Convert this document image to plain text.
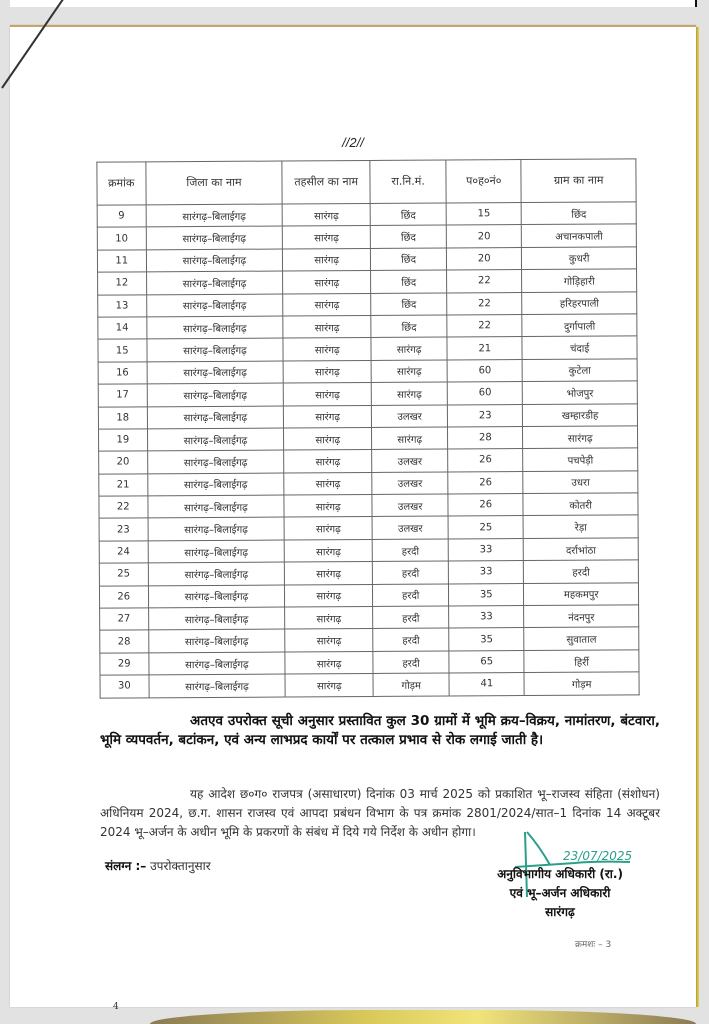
//2//
क्रमांक	जिला का नाम	तहसील का नाम	रा.नि.मं.	प०ह०नं०	ग्राम का नाम
9	सारंगढ़–बिलाईगढ़	सारंगढ़	छिंद	15	छिंद
10	सारंगढ़–बिलाईगढ़	सारंगढ़	छिंद	20	अचानकपाली
11	सारंगढ़–बिलाईगढ़	सारंगढ़	छिंद	20	कुधरी
12	सारंगढ़–बिलाईगढ़	सारंगढ़	छिंद	22	गोड़िहारी
13	सारंगढ़–बिलाईगढ़	सारंगढ़	छिंद	22	हरिहरपाली
14	सारंगढ़–बिलाईगढ़	सारंगढ़	छिंद	22	दुर्गापाली
15	सारंगढ़–बिलाईगढ़	सारंगढ़	सारंगढ़	21	चंदाई
16	सारंगढ़–बिलाईगढ़	सारंगढ़	सारंगढ़	60	कुटेला
17	सारंगढ़–बिलाईगढ़	सारंगढ़	सारंगढ़	60	भोजपुर
18	सारंगढ़–बिलाईगढ़	सारंगढ़	उलखर	23	खम्हारडीह
19	सारंगढ़–बिलाईगढ़	सारंगढ़	सारंगढ़	28	सारंगढ़
20	सारंगढ़–बिलाईगढ़	सारंगढ़	उलखर	26	पचपेड़ी
21	सारंगढ़–बिलाईगढ़	सारंगढ़	उलखर	26	उधरा
22	सारंगढ़–बिलाईगढ़	सारंगढ़	उलखर	26	कोतरी
23	सारंगढ़–बिलाईगढ़	सारंगढ़	उलखर	25	रेड़ा
24	सारंगढ़–बिलाईगढ़	सारंगढ़	हरदी	33	दर्राभांठा
25	सारंगढ़–बिलाईगढ़	सारंगढ़	हरदी	33	हरदी
26	सारंगढ़–बिलाईगढ़	सारंगढ़	हरदी	35	महकमपुर
27	सारंगढ़–बिलाईगढ़	सारंगढ़	हरदी	33	नंदनपुर
28	सारंगढ़–बिलाईगढ़	सारंगढ़	हरदी	35	सुवाताल
29	सारंगढ़–बिलाईगढ़	सारंगढ़	हरदी	65	हिर्री
30	सारंगढ़–बिलाईगढ़	सारंगढ़	गोड़म	41	गोड़म
अतएव उपरोक्त सूची अनुसार प्रस्तावित कुल 30 ग्रामों में भूमि क्रय–विक्रय, नामांतरण, बंटवारा, भूमि व्यपवर्तन, बटांकन, एवं अन्य लाभप्रद कार्यों पर तत्काल प्रभाव से रोक लगाई जाती है।
यह आदेश छ०ग० राजपत्र (असाधारण) दिनांक 03 मार्च 2025 को प्रकाशित भू–राजस्व संहिता (संशोधन) अधिनियम 2024, छ.ग. शासन राजस्व एवं आपदा प्रबंधन विभाग के पत्र क्रमांक 2801/2024/सात–1 दिनांक 14 अक्टूबर 2024 भू–अर्जन के अधीन भूमि के प्रकरणों के संबंध में दिये गये निर्देश के अधीन होगा।
संलग्न :– उपरोक्तानुसार
23/07/2025
अनुविभागीय अधिकारी (रा.)
एवं भू–अर्जन अधिकारी
सारंगढ़
क्रमशः – 3
4
